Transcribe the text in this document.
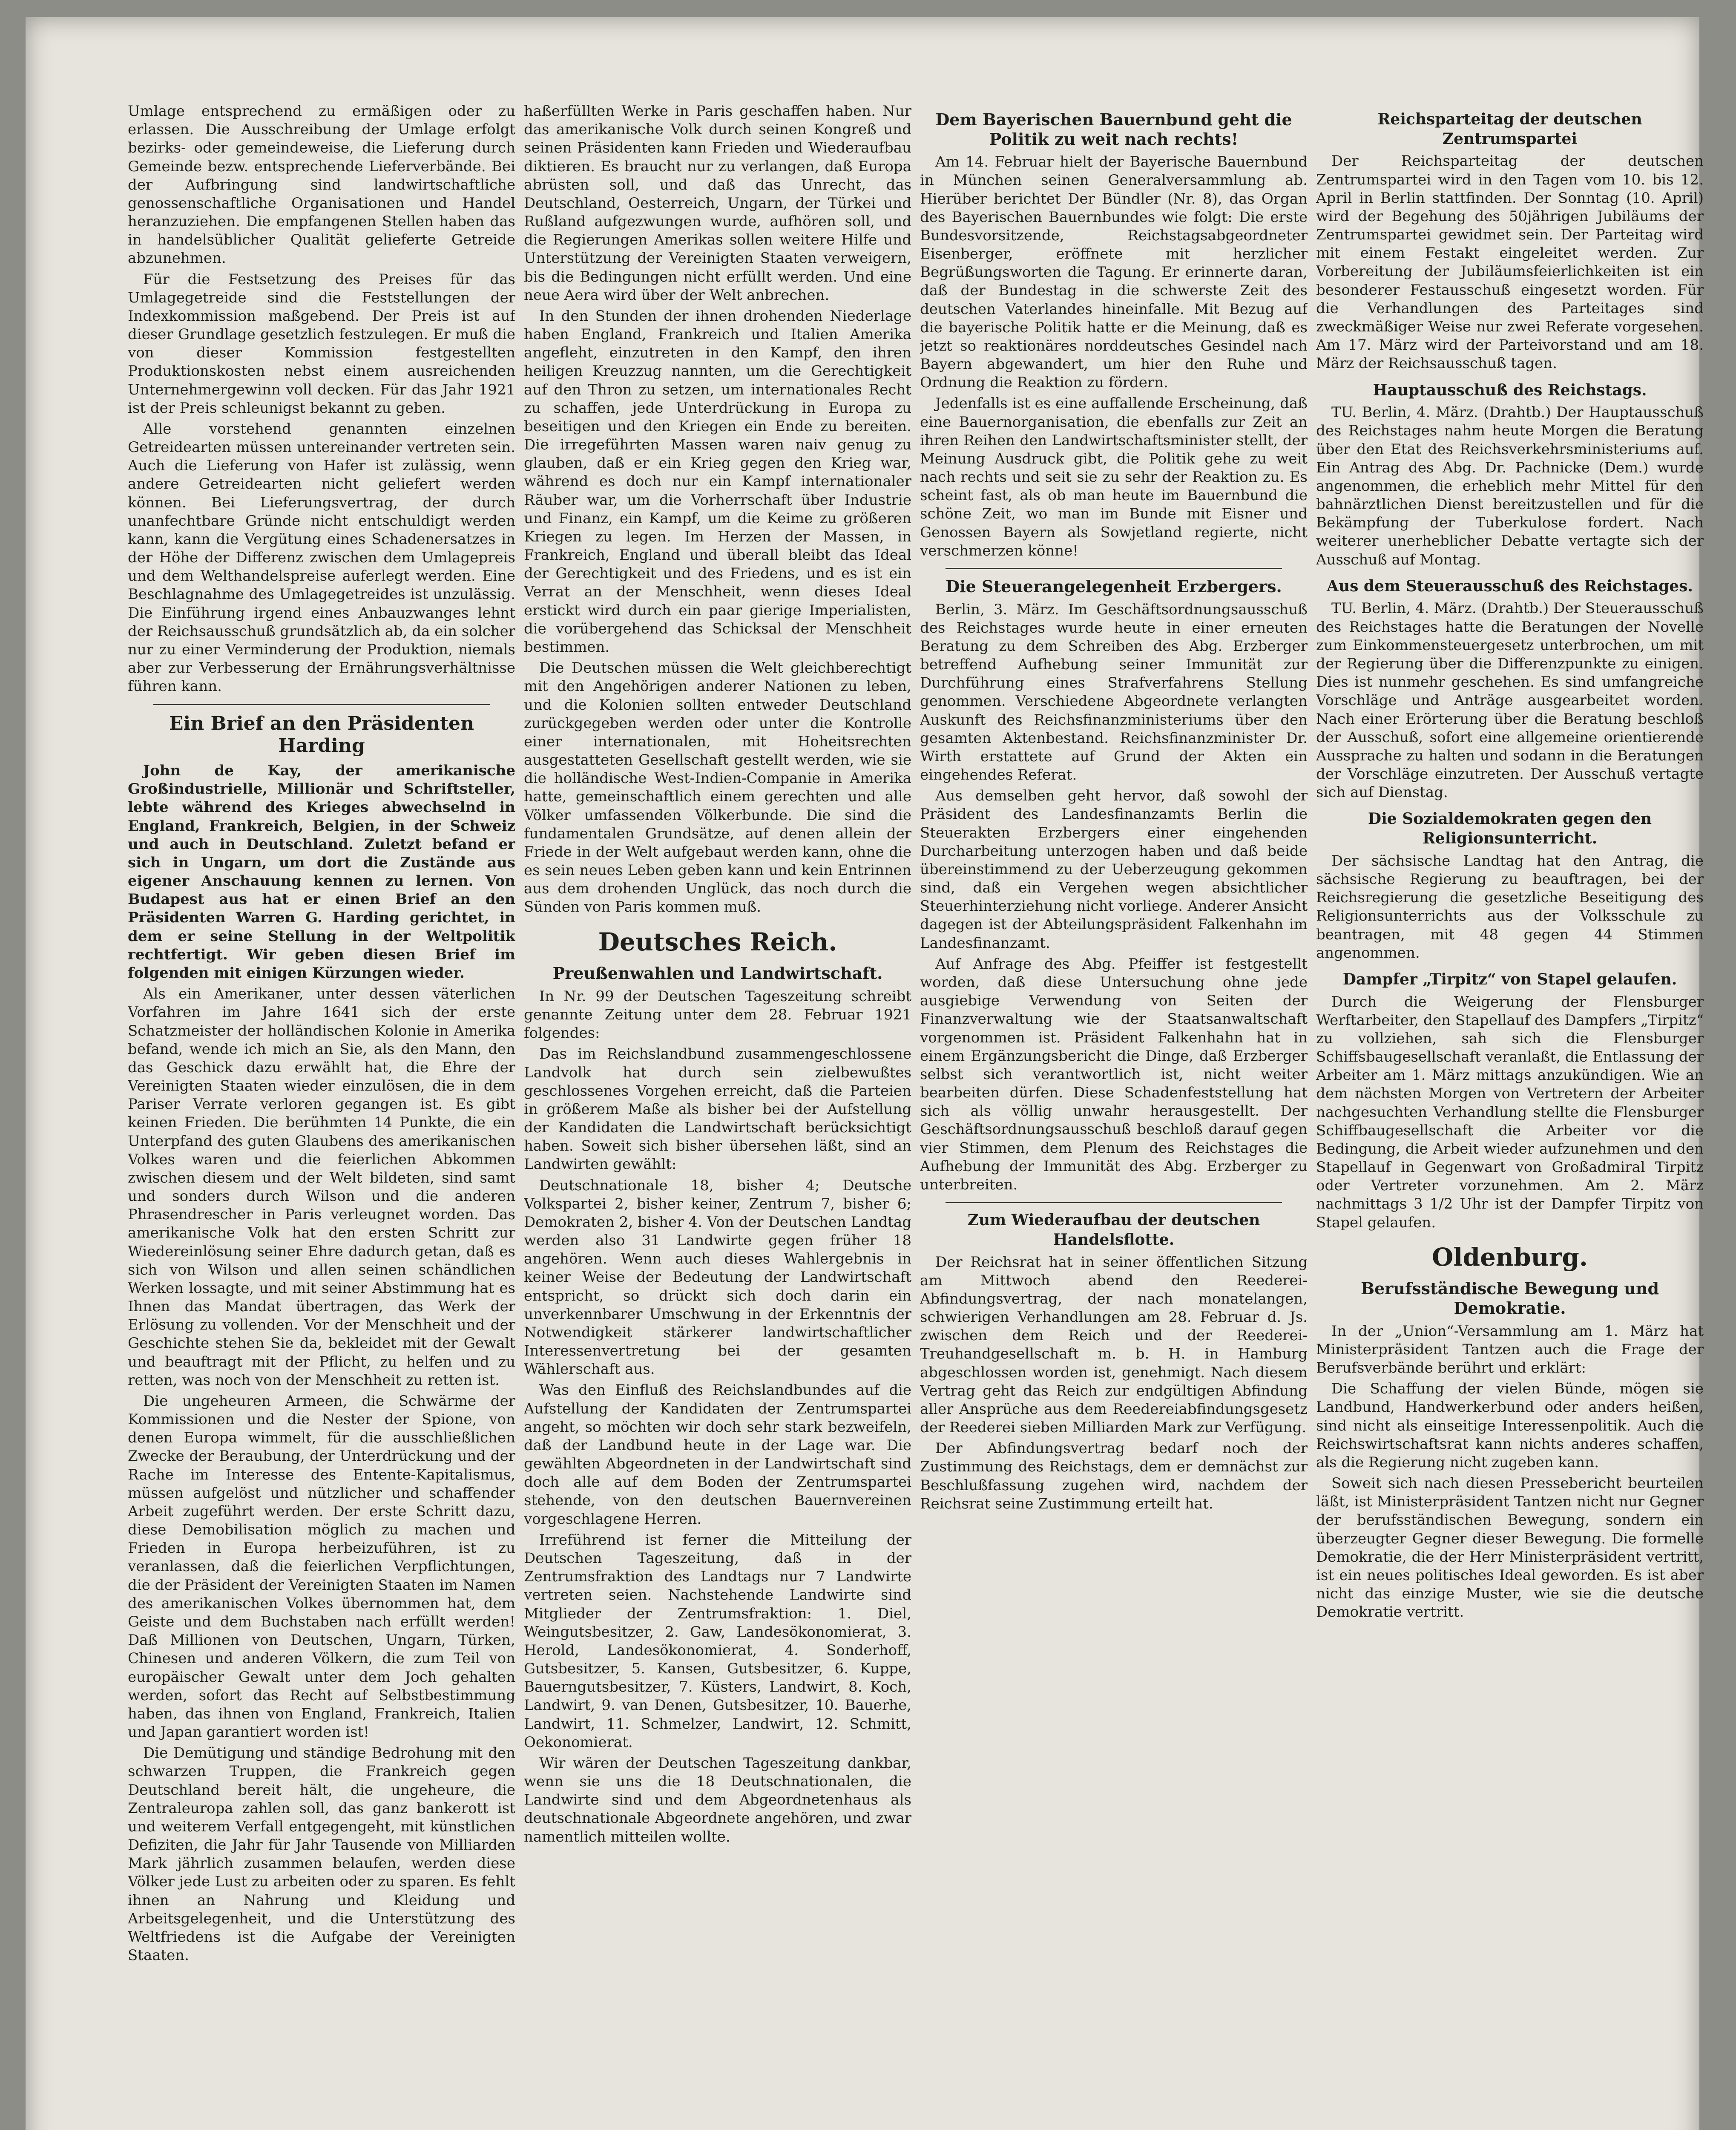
Umlage entsprechend zu ermäßigen oder zu erlassen. Die Ausschreibung der Umlage erfolgt bezirks- oder gemeindeweise, die Lieferung durch Gemeinde bezw. entsprechende Lieferverbände. Bei der Aufbringung sind landwirtschaftliche genossenschaftliche Organisationen und Handel heranzuziehen. Die empfangenen Stellen haben das in handelsüblicher Qualität gelieferte Getreide abzunehmen.

Für die Festsetzung des Preises für das Umlagegetreide sind die Feststellungen der Indexkommission maßgebend. Der Preis ist auf dieser Grundlage gesetzlich festzulegen. Er muß die von dieser Kommission festgestellten Produktionskosten nebst einem ausreichenden Unternehmergewinn voll decken. Für das Jahr 1921 ist der Preis schleunigst bekannt zu geben.

Alle vorstehend genannten einzelnen Getreidearten müssen untereinander vertreten sein. Auch die Lieferung von Hafer ist zulässig, wenn andere Getreidearten nicht geliefert werden können. Bei Lieferungsvertrag, der durch unanfechtbare Gründe nicht entschuldigt werden kann, kann die Vergütung eines Schadenersatzes in der Höhe der Differenz zwischen dem Umlagepreis und dem Welthandelspreise auferlegt werden. Eine Beschlagnahme des Umlagegetreides ist unzulässig. Die Einführung irgend eines Anbauzwanges lehnt der Reichsausschuß grundsätzlich ab, da ein solcher nur zu einer Verminderung der Produktion, niemals aber zur Verbesserung der Ernährungsverhältnisse führen kann.

Ein Brief an den Präsidenten Harding

John de Kay, der amerikanische Großindustrielle, Millionär und Schriftsteller, lebte während des Krieges abwechselnd in England, Frankreich, Belgien, in der Schweiz und auch in Deutschland. Zuletzt befand er sich in Ungarn, um dort die Zustände aus eigener Anschauung kennen zu lernen. Von Budapest aus hat er einen Brief an den Präsidenten Warren G. Harding gerichtet, in dem er seine Stellung in der Weltpolitik rechtfertigt. Wir geben diesen Brief im folgenden mit einigen Kürzungen wieder.

Als ein Amerikaner, unter dessen väterlichen Vorfahren im Jahre 1641 sich der erste Schatzmeister der holländischen Kolonie in Amerika befand, wende ich mich an Sie, als den Mann, den das Geschick dazu erwählt hat, die Ehre der Vereinigten Staaten wieder einzulösen, die in dem Pariser Verrate verloren gegangen ist. Es gibt keinen Frieden. Die berühmten 14 Punkte, die ein Unterpfand des guten Glaubens des amerikanischen Volkes waren und die feierlichen Abkommen zwischen diesem und der Welt bildeten, sind samt und sonders durch Wilson und die anderen Phrasendrescher in Paris verleugnet worden. Das amerikanische Volk hat den ersten Schritt zur Wiedereinlösung seiner Ehre dadurch getan, daß es sich von Wilson und allen seinen schändlichen Werken lossagte, und mit seiner Abstimmung hat es Ihnen das Mandat übertragen, das Werk der Erlösung zu vollenden. Vor der Menschheit und der Geschichte stehen Sie da, bekleidet mit der Gewalt und beauftragt mit der Pflicht, zu helfen und zu retten, was noch von der Menschheit zu retten ist.

Die ungeheuren Armeen, die Schwärme der Kommissionen und die Nester der Spione, von denen Europa wimmelt, für die ausschließlichen Zwecke der Beraubung, der Unterdrückung und der Rache im Interesse des Entente-Kapitalismus, müssen aufgelöst und nützlicher und schaffender Arbeit zugeführt werden. Der erste Schritt dazu, diese Demobilisation möglich zu machen und Frieden in Europa herbeizuführen, ist zu veranlassen, daß die feierlichen Verpflichtungen, die der Präsident der Vereinigten Staaten im Namen des amerikanischen Volkes übernommen hat, dem Geiste und dem Buchstaben nach erfüllt werden! Daß Millionen von Deutschen, Ungarn, Türken, Chinesen und anderen Völkern, die zum Teil von europäischer Gewalt unter dem Joch gehalten werden, sofort das Recht auf Selbstbestimmung haben, das ihnen von England, Frankreich, Italien und Japan garantiert worden ist!

Die Demütigung und ständige Bedrohung mit den schwarzen Truppen, die Frankreich gegen Deutschland bereit hält, die ungeheure, die Zentraleuropa zahlen soll, das ganz bankerott ist und weiterem Verfall entgegengeht, mit künstlichen Defiziten, die Jahr für Jahr Tausende von Milliarden Mark jährlich zusammen belaufen, werden diese Völker jede Lust zu arbeiten oder zu sparen. Es fehlt ihnen an Nahrung und Kleidung und Arbeitsgelegenheit, und die Unterstützung des Weltfriedens ist die Aufgabe der Vereinigten Staaten.

haßerfüllten Werke in Paris geschaffen haben. Nur das amerikanische Volk durch seinen Kongreß und seinen Präsidenten kann Frieden und Wiederaufbau diktieren. Es braucht nur zu verlangen, daß Europa abrüsten soll, und daß das Unrecht, das Deutschland, Oesterreich, Ungarn, der Türkei und Rußland aufgezwungen wurde, aufhören soll, und die Regierungen Amerikas sollen weitere Hilfe und Unterstützung der Vereinigten Staaten verweigern, bis die Bedingungen nicht erfüllt werden. Und eine neue Aera wird über der Welt anbrechen.

In den Stunden der ihnen drohenden Niederlage haben England, Frankreich und Italien Amerika angefleht, einzutreten in den Kampf, den ihren heiligen Kreuzzug nannten, um die Gerechtigkeit auf den Thron zu setzen, um internationales Recht zu schaffen, jede Unterdrückung in Europa zu beseitigen und den Kriegen ein Ende zu bereiten. Die irregeführten Massen waren naiv genug zu glauben, daß er ein Krieg gegen den Krieg war, während es doch nur ein Kampf internationaler Räuber war, um die Vorherrschaft über Industrie und Finanz, ein Kampf, um die Keime zu größeren Kriegen zu legen. Im Herzen der Massen, in Frankreich, England und überall bleibt das Ideal der Gerechtigkeit und des Friedens, und es ist ein Verrat an der Menschheit, wenn dieses Ideal erstickt wird durch ein paar gierige Imperialisten, die vorübergehend das Schicksal der Menschheit bestimmen.

Die Deutschen müssen die Welt gleichberechtigt mit den Angehörigen anderer Nationen zu leben, und die Kolonien sollten entweder Deutschland zurückgegeben werden oder unter die Kontrolle einer internationalen, mit Hoheitsrechten ausgestatteten Gesellschaft gestellt werden, wie sie die holländische West-Indien-Companie in Amerika hatte, gemeinschaftlich einem gerechten und alle Völker umfassenden Völkerbunde. Die sind die fundamentalen Grundsätze, auf denen allein der Friede in der Welt aufgebaut werden kann, ohne die es sein neues Leben geben kann und kein Entrinnen aus dem drohenden Unglück, das noch durch die Sünden von Paris kommen muß.

Deutsches Reich.
Preußenwahlen und Landwirtschaft.

In Nr. 99 der Deutschen Tageszeitung schreibt genannte Zeitung unter dem 28. Februar 1921 folgendes:

Das im Reichslandbund zusammengeschlossene Landvolk hat durch sein zielbewußtes geschlossenes Vorgehen erreicht, daß die Parteien in größerem Maße als bisher bei der Aufstellung der Kandidaten die Landwirtschaft berücksichtigt haben. Soweit sich bisher übersehen läßt, sind an Landwirten gewählt:

Deutschnationale 18, bisher 4; Deutsche Volkspartei 2, bisher keiner, Zentrum 7, bisher 6; Demokraten 2, bisher 4. Von der Deutschen Landtag werden also 31 Landwirte gegen früher 18 angehören. Wenn auch dieses Wahlergebnis in keiner Weise der Bedeutung der Landwirtschaft entspricht, so drückt sich doch darin ein unverkennbarer Umschwung in der Erkenntnis der Notwendigkeit stärkerer landwirtschaftlicher Interessenvertretung bei der gesamten Wählerschaft aus.

Was den Einfluß des Reichslandbundes auf die Aufstellung der Kandidaten der Zentrumspartei angeht, so möchten wir doch sehr stark bezweifeln, daß der Landbund heute in der Lage war. Die gewählten Abgeordneten in der Landwirtschaft sind doch alle auf dem Boden der Zentrumspartei stehende, von den deutschen Bauernvereinen vorgeschlagene Herren.

Irreführend ist ferner die Mitteilung der Deutschen Tageszeitung, daß in der Zentrumsfraktion des Landtags nur 7 Landwirte vertreten seien. Nachstehende Landwirte sind Mitglieder der Zentrumsfraktion: 1. Diel, Weingutsbesitzer, 2. Gaw, Landesökonomierat, 3. Herold, Landesökonomierat, 4. Sonderhoff, Gutsbesitzer, 5. Kansen, Gutsbesitzer, 6. Kuppe, Bauerngutsbesitzer, 7. Küsters, Landwirt, 8. Koch, Landwirt, 9. van Denen, Gutsbesitzer, 10. Bauerhe, Landwirt, 11. Schmelzer, Landwirt, 12. Schmitt, Oekonomierat.

Wir wären der Deutschen Tageszeitung dankbar, wenn sie uns die 18 Deutschnationalen, die Landwirte sind und dem Abgeordnetenhaus als deutschnationale Abgeordnete angehören, und zwar namentlich mitteilen wollte.

Dem Bayerischen Bauernbund geht die Politik zu weit nach rechts!

Am 14. Februar hielt der Bayerische Bauernbund in München seinen Generalversammlung ab. Hierüber berichtet Der Bündler (Nr. 8), das Organ des Bayerischen Bauernbundes wie folgt: Die erste Bundesvorsitzende, Reichstagsabgeordneter Eisenberger, eröffnete mit herzlicher Begrüßungsworten die Tagung. Er erinnerte daran, daß der Bundestag in die schwerste Zeit des deutschen Vaterlandes hineinfalle. Mit Bezug auf die bayerische Politik hatte er die Meinung, daß es jetzt so reaktionäres norddeutsches Gesindel nach Bayern abgewandert, um hier den Ruhe und Ordnung die Reaktion zu fördern.

Jedenfalls ist es eine auffallende Erscheinung, daß eine Bauernorganisation, die ebenfalls zur Zeit an ihren Reihen den Landwirtschaftsminister stellt, der Meinung Ausdruck gibt, die Politik gehe zu weit nach rechts und seit sie zu sehr der Reaktion zu. Es scheint fast, als ob man heute im Bauernbund die schöne Zeit, wo man im Bunde mit Eisner und Genossen Bayern als Sowjetland regierte, nicht verschmerzen könne!

Die Steuerangelegenheit Erzbergers.

Berlin, 3. März. Im Geschäftsordnungsausschuß des Reichstages wurde heute in einer erneuten Beratung zu dem Schreiben des Abg. Erzberger betreffend Aufhebung seiner Immunität zur Durchführung eines Strafverfahrens Stellung genommen. Verschiedene Abgeordnete verlangten Auskunft des Reichsfinanzministeriums über den gesamten Aktenbestand. Reichsfinanzminister Dr. Wirth erstattete auf Grund der Akten ein eingehendes Referat.

Aus demselben geht hervor, daß sowohl der Präsident des Landesfinanzamts Berlin die Steuerakten Erzbergers einer eingehenden Durcharbeitung unterzogen haben und daß beide übereinstimmend zu der Ueberzeugung gekommen sind, daß ein Vergehen wegen absichtlicher Steuerhinterziehung nicht vorliege. Anderer Ansicht dagegen ist der Abteilungspräsident Falkenhahn im Landesfinanzamt.

Auf Anfrage des Abg. Pfeiffer ist festgestellt worden, daß diese Untersuchung ohne jede ausgiebige Verwendung von Seiten der Finanzverwaltung wie der Staatsanwaltschaft vorgenommen ist. Präsident Falkenhahn hat in einem Ergänzungsbericht die Dinge, daß Erzberger selbst sich verantwortlich ist, nicht weiter bearbeiten dürfen. Diese Schadenfeststellung hat sich als völlig unwahr herausgestellt. Der Geschäftsordnungsausschuß beschloß darauf gegen vier Stimmen, dem Plenum des Reichstages die Aufhebung der Immunität des Abg. Erzberger zu unterbreiten.

Zum Wiederaufbau der deutschen Handelsflotte.

Der Reichsrat hat in seiner öffentlichen Sitzung am Mittwoch abend den Reederei-Abfindungsvertrag, der nach monatelangen, schwierigen Verhandlungen am 28. Februar d. Js. zwischen dem Reich und der Reederei-Treuhandgesellschaft m. b. H. in Hamburg abgeschlossen worden ist, genehmigt. Nach diesem Vertrag geht das Reich zur endgültigen Abfindung aller Ansprüche aus dem Reedereiabfindungsgesetz der Reederei sieben Milliarden Mark zur Verfügung.

Der Abfindungsvertrag bedarf noch der Zustimmung des Reichstags, dem er demnächst zur Beschlußfassung zugehen wird, nachdem der Reichsrat seine Zustimmung erteilt hat.

Reichsparteitag der deutschen Zentrumspartei

Der Reichsparteitag der deutschen Zentrumspartei wird in den Tagen vom 10. bis 12. April in Berlin stattfinden. Der Sonntag (10. April) wird der Begehung des 50jährigen Jubiläums der Zentrumspartei gewidmet sein. Der Parteitag wird mit einem Festakt eingeleitet werden. Zur Vorbereitung der Jubiläumsfeierlichkeiten ist ein besonderer Festausschuß eingesetzt worden. Für die Verhandlungen des Parteitages sind zweckmäßiger Weise nur zwei Referate vorgesehen. Am 17. März wird der Parteivorstand und am 18. März der Reichsausschuß tagen.

Hauptausschuß des Reichstags.

TU. Berlin, 4. März. (Drahtb.) Der Hauptausschuß des Reichstages nahm heute Morgen die Beratung über den Etat des Reichsverkehrsministeriums auf. Ein Antrag des Abg. Dr. Pachnicke (Dem.) wurde angenommen, die erheblich mehr Mittel für den bahnärztlichen Dienst bereitzustellen und für die Bekämpfung der Tuberkulose fordert. Nach weiterer unerheblicher Debatte vertagte sich der Ausschuß auf Montag.

Aus dem Steuerausschuß des Reichstages.

TU. Berlin, 4. März. (Drahtb.) Der Steuerausschuß des Reichstages hatte die Beratungen der Novelle zum Einkommensteuergesetz unterbrochen, um mit der Regierung über die Differenzpunkte zu einigen. Dies ist nunmehr geschehen. Es sind umfangreiche Vorschläge und Anträge ausgearbeitet worden. Nach einer Erörterung über die Beratung beschloß der Ausschuß, sofort eine allgemeine orientierende Aussprache zu halten und sodann in die Beratungen der Vorschläge einzutreten. Der Ausschuß vertagte sich auf Dienstag.

Die Sozialdemokraten gegen den Religionsunterricht.

Der sächsische Landtag hat den Antrag, die sächsische Regierung zu beauftragen, bei der Reichsregierung die gesetzliche Beseitigung des Religionsunterrichts aus der Volksschule zu beantragen, mit 48 gegen 44 Stimmen angenommen.

Dampfer „Tirpitz“ von Stapel gelaufen.

Durch die Weigerung der Flensburger Werftarbeiter, den Stapellauf des Dampfers „Tirpitz“ zu vollziehen, sah sich die Flensburger Schiffsbaugesellschaft veranlaßt, die Entlassung der Arbeiter am 1. März mittags anzukündigen. Wie an dem nächsten Morgen von Vertretern der Arbeiter nachgesuchten Verhandlung stellte die Flensburger Schiffbaugesellschaft die Arbeiter vor die Bedingung, die Arbeit wieder aufzunehmen und den Stapellauf in Gegenwart von Großadmiral Tirpitz oder Vertreter vorzunehmen. Am 2. März nachmittags 3 1/2 Uhr ist der Dampfer Tirpitz von Stapel gelaufen.

Oldenburg.
Berufsständische Bewegung und Demokratie.

In der „Union“-Versammlung am 1. März hat Ministerpräsident Tantzen auch die Frage der Berufsverbände berührt und erklärt:

Die Schaffung der vielen Bünde, mögen sie Landbund, Handwerkerbund oder anders heißen, sind nicht als einseitige Interessenpolitik. Auch die Reichswirtschaftsrat kann nichts anderes schaffen, als die Regierung nicht zugeben kann.

Soweit sich nach diesen Pressebericht beurteilen läßt, ist Ministerpräsident Tantzen nicht nur Gegner der berufsständischen Bewegung, sondern ein überzeugter Gegner dieser Bewegung. Die formelle Demokratie, die der Herr Ministerpräsident vertritt, ist ein neues politisches Ideal geworden. Es ist aber nicht das einzige Muster, wie sie die deutsche Demokratie vertritt.
